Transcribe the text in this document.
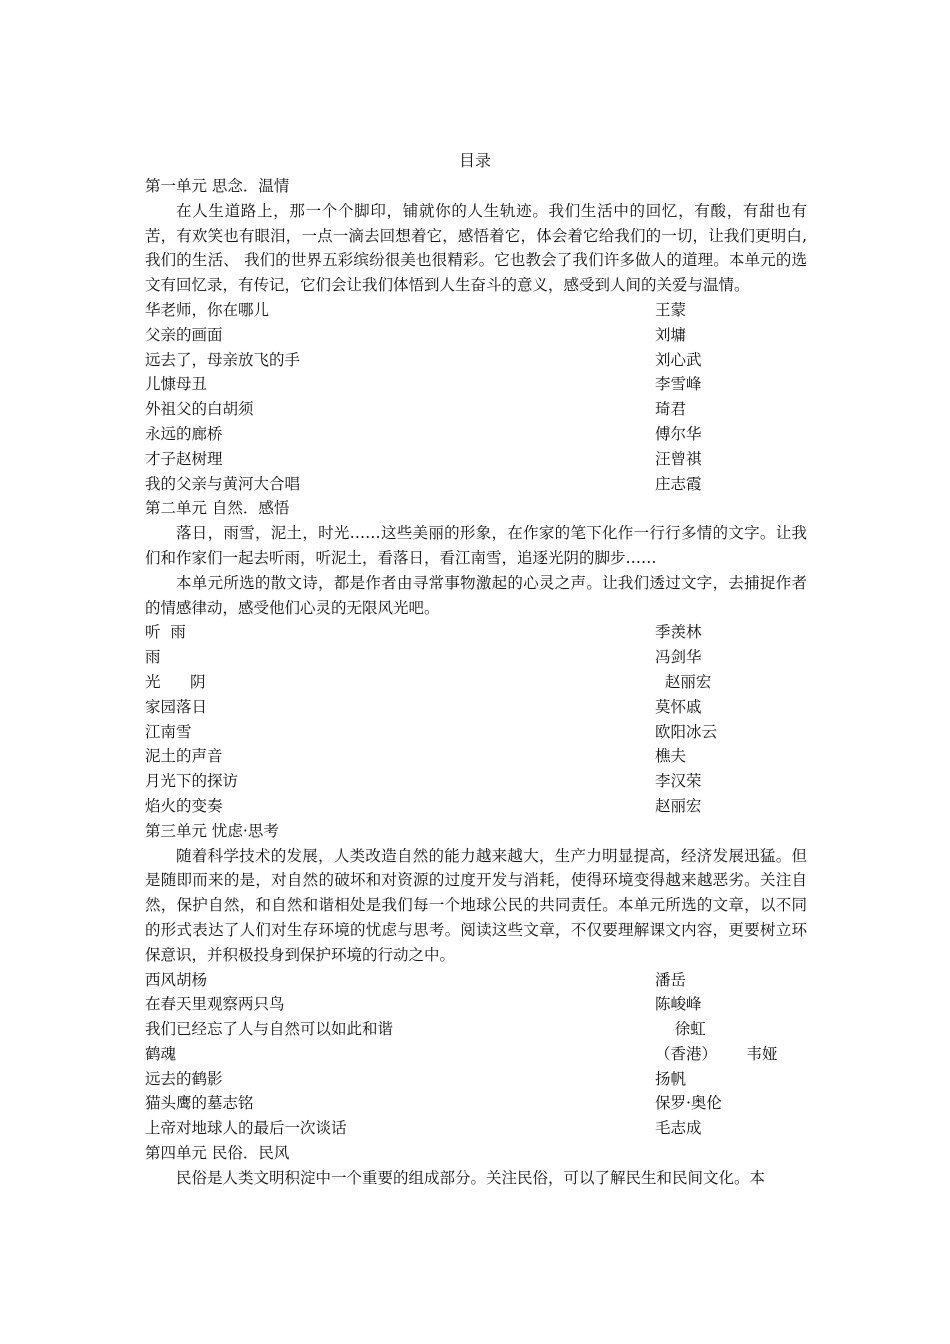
目录
第一单元 思念．温情

在人生道路上，那一个个脚印，铺就你的人生轨迹。我们生活中的回忆，有酸，有甜也有苦，有欢笑也有眼泪，一点一滴去回想着它，感悟着它，体会着它给我们的一切，让我们更明白,我们的生活、 我们的世界五彩缤纷很美也很精彩。它也教会了我们许多做人的道理。本单元的选文有回忆录，有传记，它们会让我们体悟到人生奋斗的意义，感受到人间的关爱与温情。

华老师，你在哪儿	王蒙
父亲的画面	刘墉
远去了，母亲放飞的手	刘心武
儿慷母丑	李雪峰
外祖父的白胡须	琦君
永远的廊桥	傅尔华
才子赵树理	汪曾祺
我的父亲与黄河大合唱	庄志霞
第二单元 自然．感悟

落日，雨雪，泥土，时光……这些美丽的形象，在作家的笔下化作一行行多情的文字。让我们和作家们一起去听雨，听泥土，看落日，看江南雪，追逐光阴的脚步……

本单元所选的散文诗，都是作者由寻常事物激起的心灵之声。让我们透过文字，去捕捉作者的情感律动，感受他们心灵的无限风光吧。

听  雨	季羡林
雨	冯剑华
光      阴	赵丽宏
家园落日	莫怀戚
江南雪	欧阳冰云
泥土的声音	樵夫
月光下的探访	李汉荣
焰火的变奏	赵丽宏
第三单元 忧虑·思考

随着科学技术的发展，人类改造自然的能力越来越大，生产力明显提高，经济发展迅猛。但是随即而来的是，对自然的破坏和对资源的过度开发与消耗，使得环境变得越来越恶劣。关注自然，保护自然，和自然和谐相处是我们每一个地球公民的共同责任。本单元所选的文章，以不同的形式表达了人们对生存环境的忧虑与思考。阅读这些文章，不仅要理解课文内容，更要树立环保意识，并积极投身到保护环境的行动之中。

西风胡杨	潘岳
在春天里观察两只鸟	陈峻峰
我们已经忘了人与自然可以如此和谐	徐虹
鹤魂	（香港）      韦娅
远去的鹤影	扬帆
猫头鹰的墓志铭	保罗·奥伦
上帝对地球人的最后一次谈话	毛志成
第四单元 民俗．民风

民俗是人类文明积淀中一个重要的组成部分。关注民俗，可以了解民生和民间文化。本
